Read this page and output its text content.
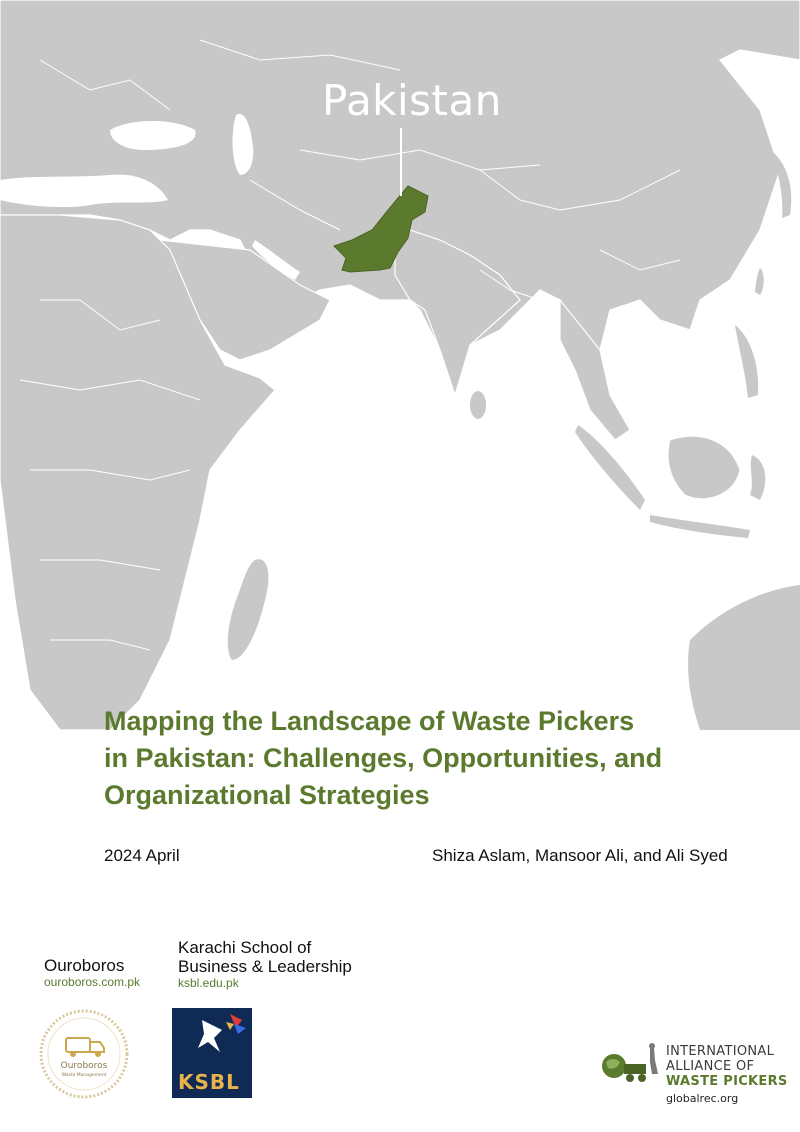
Pakistan
Mapping the Landscape of Waste Pickers
in Pakistan: Challenges, Opportunities, and
Organizational Strategies
2024 April	Shiza Aslam, Mansoor Ali, and Ali Syed
Ouroboros
ouroboros.com.pk
Ouroboros
Waste Management
Karachi School of
Business & Leadership
ksbl.edu.pk
KSBL
INTERNATIONAL
ALLIANCE OF
WASTE PICKERS
globalrec.org
